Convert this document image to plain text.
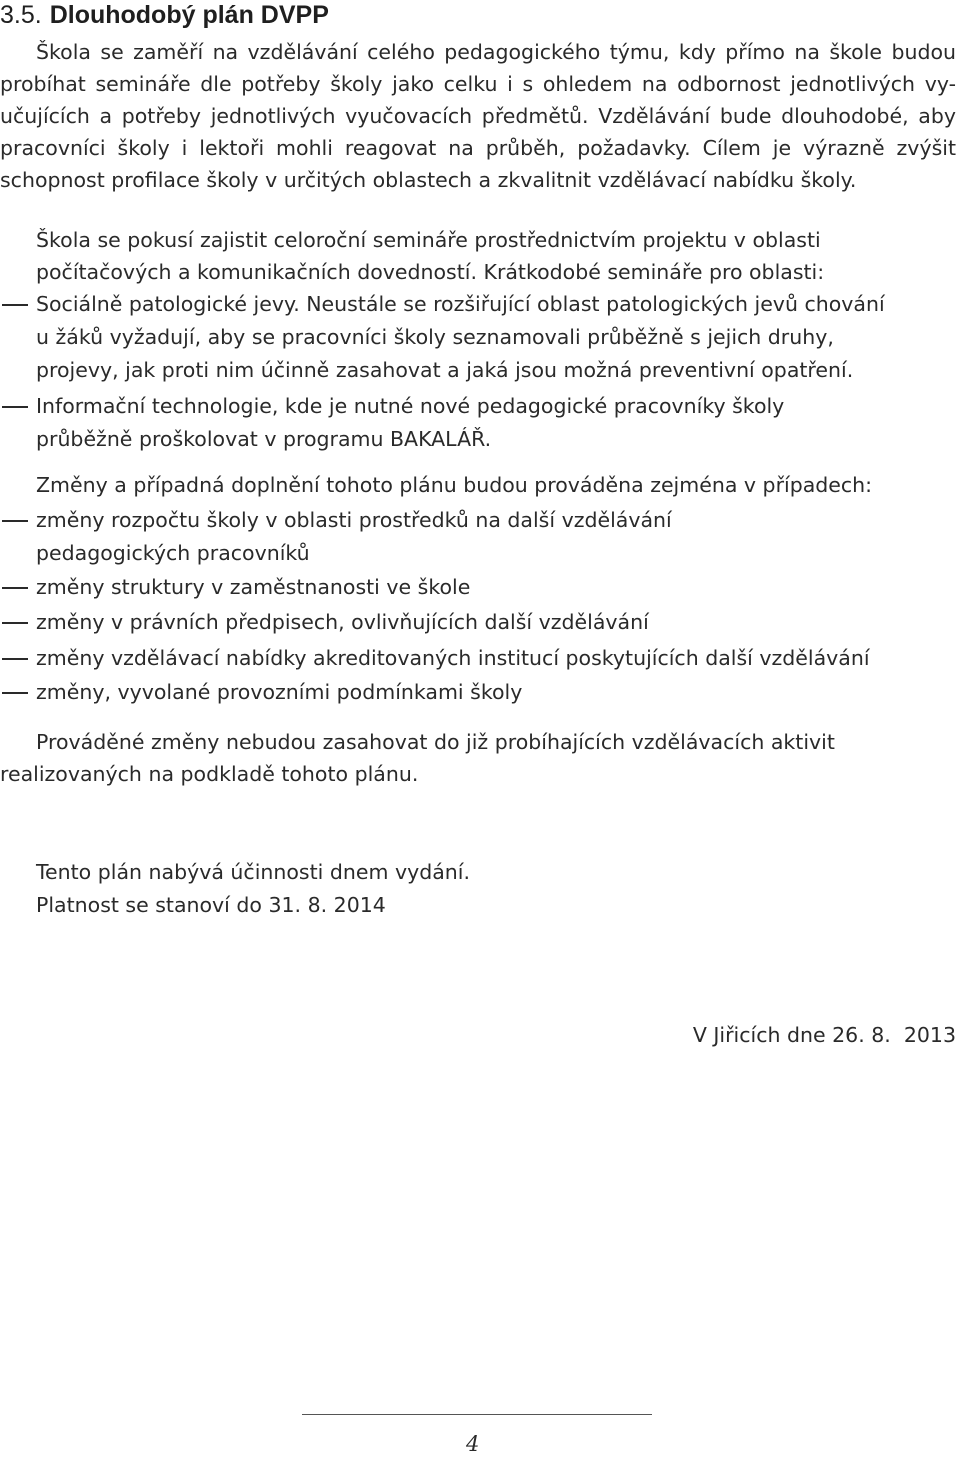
3.5. Dlouhodobý plán DVPP
Škola se zaměří na vzdělávání celého pedagogického týmu, kdy přímo na škole budou
probíhat semináře dle potřeby školy jako celku i s ohledem na odbornost jednotlivých vy-
učujících a potřeby jednotlivých vyučovacích předmětů. Vzdělávání bude dlouhodobé, aby
pracovníci školy i lektoři mohli reagovat na průběh, požadavky. Cílem je výrazně zvýšit
schopnost profilace školy v určitých oblastech a zkvalitnit vzdělávací nabídku školy.
Škola se pokusí zajistit celoroční semináře prostřednictvím projektu v oblasti
počítačových a komunikačních dovedností. Krátkodobé semináře pro oblasti:
Sociálně patologické jevy. Neustále se rozšiřující oblast patologických jevů chování
u žáků vyžadují, aby se pracovníci školy seznamovali průběžně s jejich druhy,
projevy, jak proti nim účinně zasahovat a jaká jsou možná preventivní opatření.
Informační technologie, kde je nutné nové pedagogické pracovníky školy
průběžně proškolovat v programu BAKALÁŘ.

Změny a případná doplnění tohoto plánu budou prováděna zejména v případech:

změny rozpočtu školy v oblasti prostředků na další vzdělávání
pedagogických pracovníků
změny struktury v zaměstnanosti ve škole
změny v právních předpisech, ovlivňujících další vzdělávání
změny vzdělávací nabídky akreditovaných institucí poskytujících další vzdělávání
změny, vyvolané provozními podmínkami školy
Prováděné změny nebudou zasahovat do již probíhajících vzdělávacích aktivit
realizovaných na podkladě tohoto plánu.

Tento plán nabývá účinnosti dnem vydání.

Platnost se stanoví do 31. 8. 2014

V Jiřicích dne 26. 8.  2013

4
